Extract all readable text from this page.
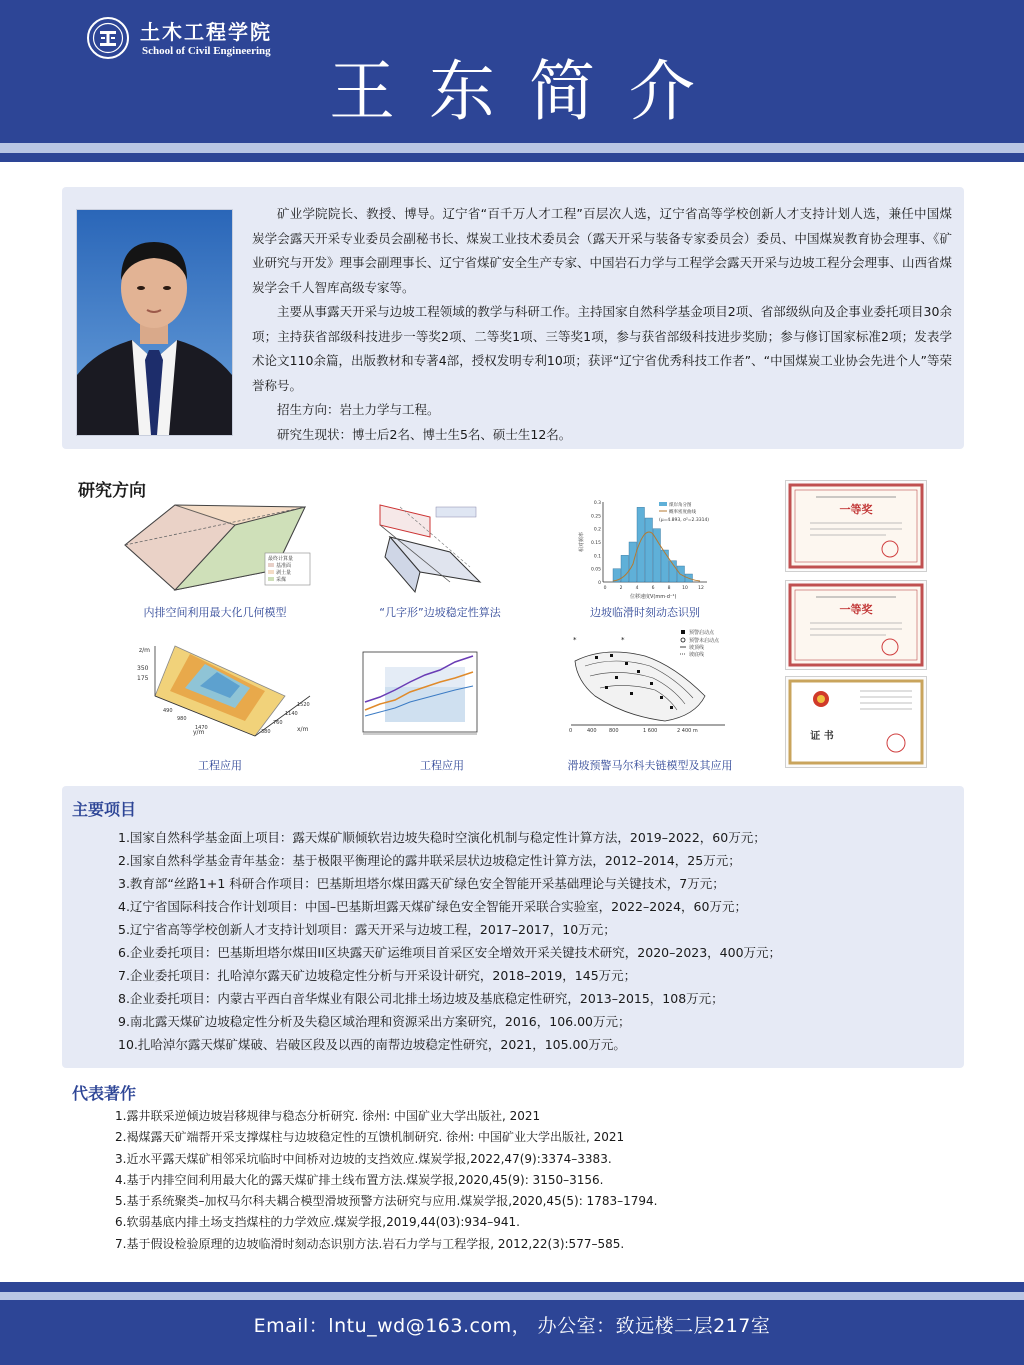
土木工程学院
School of Civil Engineering
王东简介

矿业学院院长、教授、博导。辽宁省“百千万人才工程”百层次人选，辽宁省高等学校创新人才支持计划人选，兼任中国煤炭学会露天开采专业委员会副秘书长、煤炭工业技术委员会（露天开采与装备专家委员会）委员、中国煤炭教育协会理事、《矿业研究与开发》理事会副理事长、辽宁省煤矿安全生产专家、中国岩石力学与工程学会露天开采与边坡工程分会理事、山西省煤炭学会千人智库高级专家等。

主要从事露天开采与边坡工程领域的教学与科研工作。主持国家自然科学基金项目2项、省部级纵向及企事业委托项目30余项；主持获省部级科技进步一等奖2项、二等奖1项、三等奖1项，参与获省部级科技进步奖励；参与修订国家标准2项；发表学术论文110余篇，出版教材和专著4部，授权发明专利10项；获评“辽宁省优秀科技工作者”、“中国煤炭工业协会先进个人”等荣誉称号。

招生方向：岩土力学与工程。

研究生现状：博士后2名、博士生5名、硕士生12名。

研究方向
最终计算量
基准面
剥土量
采煤
内排空间利用最大化几何模型	“几字形”边坡稳定性算法
相对频率
位移速度V(mm·d⁻¹)
煤岸角分图
概率密度曲线
(μ=4.893, σ²=2.3314)
0.3
0.25
0.2
0.15
0.1
0.05
0
0	2	4	6	8	10 12
边坡临滑时刻动态识别
z/m
350
175
y/m	x/m
490
980
1470
380
760
1140
1520
工程应用	工程应用
*	*
预警启动点
预警未启动点
坡顶线
坡底线
0	400 800	1 600	2 400 m
滑坡预警马尔科夫链模型及其应用
一等奖
一等奖
证 书
主要项目
1.国家自然科学基金面上项目：露天煤矿顺倾软岩边坡失稳时空演化机制与稳定性计算方法，2019–2022，60万元；
2.国家自然科学基金青年基金：基于极限平衡理论的露井联采层状边坡稳定性计算方法，2012–2014，25万元；
3.教育部“丝路1+1 科研合作项目：巴基斯坦塔尔煤田露天矿绿色安全智能开采基础理论与关键技术，7万元；
4.辽宁省国际科技合作计划项目：中国–巴基斯坦露天煤矿绿色安全智能开采联合实验室，2022–2024，60万元；
5.辽宁省高等学校创新人才支持计划项目：露天开采与边坡工程，2017–2017，10万元；
6.企业委托项目：巴基斯坦塔尔煤田II区块露天矿运维项目首采区安全增效开采关键技术研究，2020–2023，400万元；
7.企业委托项目：扎哈淖尔露天矿边坡稳定性分析与开采设计研究，2018–2019，145万元；
8.企业委托项目：内蒙古平西白音华煤业有限公司北排土场边坡及基底稳定性研究，2013–2015，108万元；
9.南北露天煤矿边坡稳定性分析及失稳区域治理和资源采出方案研究，2016，106.00万元；
10.扎哈淖尔露天煤矿煤破、岩破区段及以西的南帮边坡稳定性研究，2021，105.00万元。
代表著作
1.露井联采逆倾边坡岩移规律与稳态分析研究. 徐州: 中国矿业大学出版社, 2021
2.褐煤露天矿端帮开采支撑煤柱与边坡稳定性的互馈机制研究. 徐州: 中国矿业大学出版社, 2021
3.近水平露天煤矿相邻采坑临时中间桥对边坡的支挡效应.煤炭学报,2022,47(9):3374–3383.
4.基于内排空间利用最大化的露天煤矿排土线布置方法.煤炭学报,2020,45(9): 3150–3156.
5.基于系统聚类–加权马尔科夫耦合模型滑坡预警方法研究与应用.煤炭学报,2020,45(5): 1783–1794.
6.软弱基底内排土场支挡煤柱的力学效应.煤炭学报,2019,44(03):934–941.
7.基于假设检验原理的边坡临滑时刻动态识别方法.岩石力学与工程学报, 2012,22(3):577–585.
Email：lntu_wd@163.com， 办公室：致远楼二层217室
